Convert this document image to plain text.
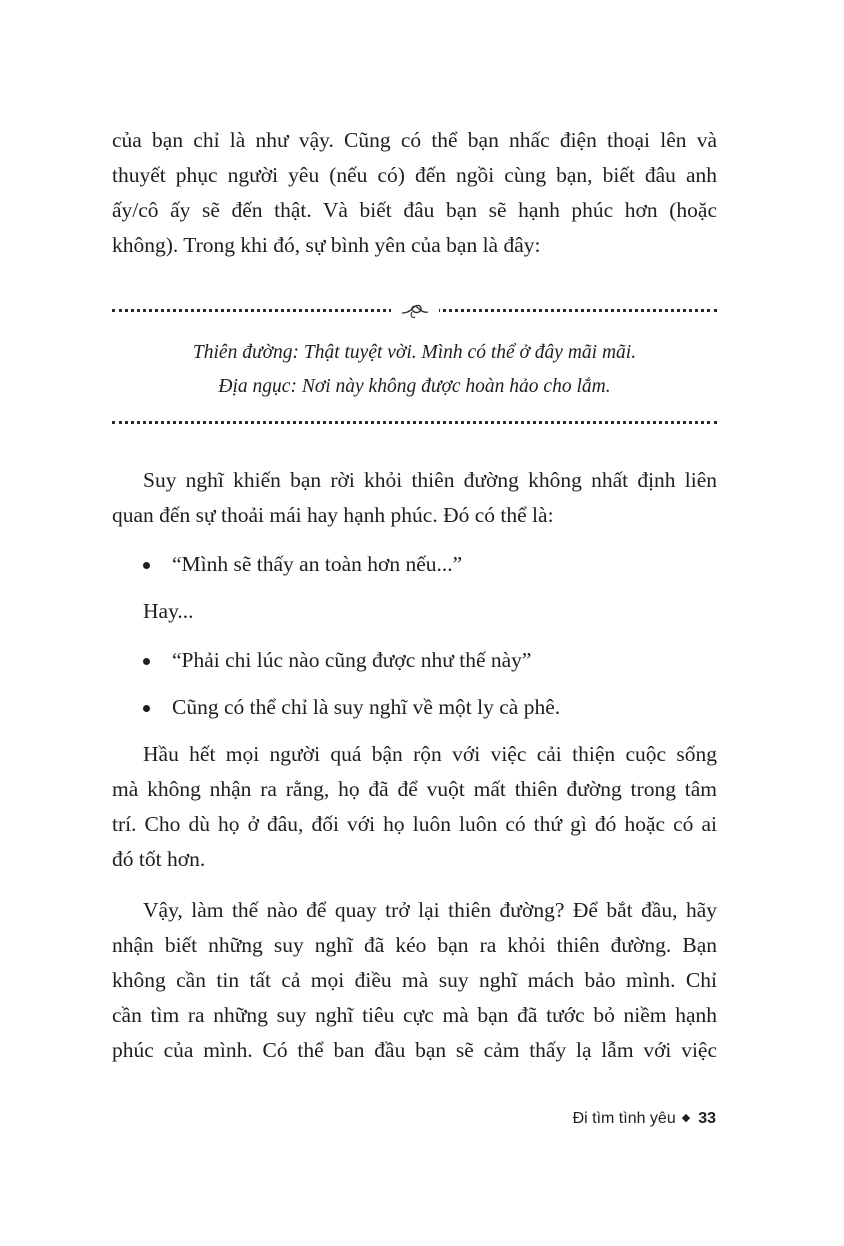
của bạn chỉ là như vậy. Cũng có thể bạn nhấc điện thoại lên và
thuyết phục người yêu (nếu có) đến ngồi cùng bạn, biết đâu anh
ấy/cô ấy sẽ đến thật. Và biết đâu bạn sẽ hạnh phúc hơn (hoặc
không). Trong khi đó, sự bình yên của bạn là đây:
Thiên đường: Thật tuyệt vời. Mình có thể ở đây mãi mãi.
Địa ngục: Nơi này không được hoàn hảo cho lắm.
Suy nghĩ khiến bạn rời khỏi thiên đường không nhất định liên
quan đến sự thoải mái hay hạnh phúc. Đó có thể là:
“Mình sẽ thấy an toàn hơn nếu...”
Hay...
“Phải chi lúc nào cũng được như thế này”
Cũng có thể chỉ là suy nghĩ về một ly cà phê.
Hầu hết mọi người quá bận rộn với việc cải thiện cuộc sống
mà không nhận ra rằng, họ đã để vuột mất thiên đường trong tâm
trí. Cho dù họ ở đâu, đối với họ luôn luôn có thứ gì đó hoặc có ai
đó tốt hơn.
Vậy, làm thế nào để quay trở lại thiên đường? Để bắt đầu, hãy
nhận biết những suy nghĩ đã kéo bạn ra khỏi thiên đường. Bạn
không cần tin tất cả mọi điều mà suy nghĩ mách bảo mình. Chỉ
cần tìm ra những suy nghĩ tiêu cực mà bạn đã tước bỏ niềm hạnh
phúc của mình. Có thể ban đầu bạn sẽ cảm thấy lạ lẫm với việc
Đi tìm tình yêu ◆ 33
